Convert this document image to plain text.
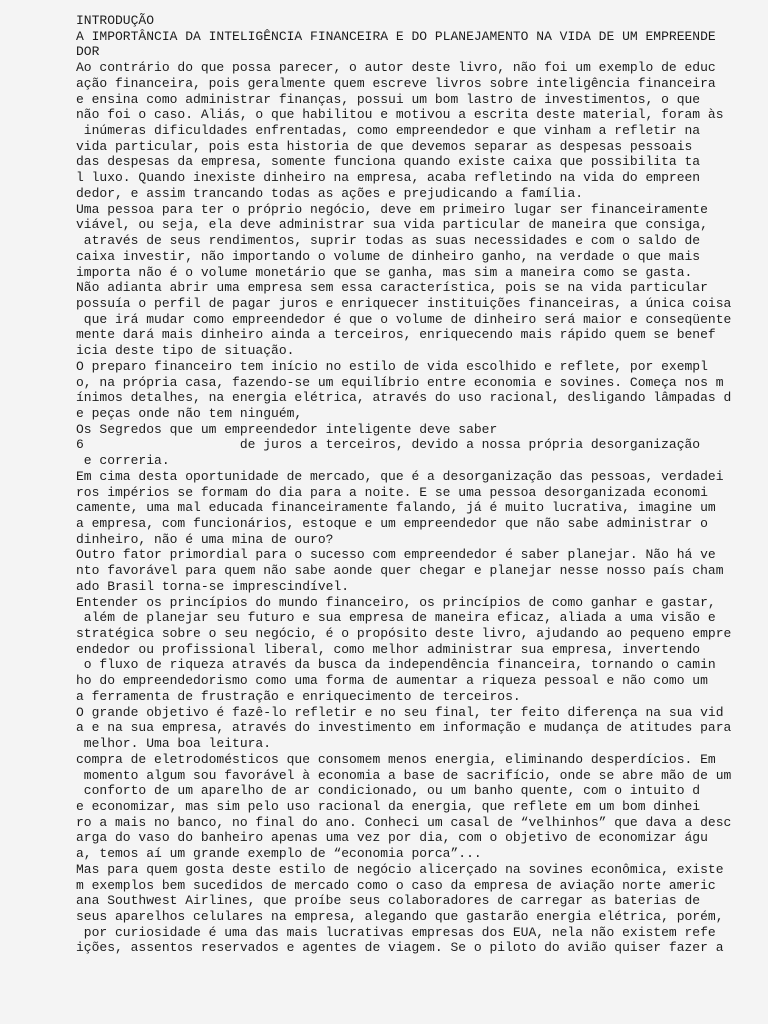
INTRODUÇÃO
A IMPORTÂNCIA DA INTELIGÊNCIA FINANCEIRA E DO PLANEJAMENTO NA VIDA DE UM EMPREENDE
DOR
Ao contrário do que possa parecer, o autor deste livro, não foi um exemplo de educ
ação financeira, pois geralmente quem escreve livros sobre inteligência financeira
e ensina como administrar finanças, possui um bom lastro de investimentos, o que
não foi o caso. Aliás, o que habilitou e motivou a escrita deste material, foram às
inúmeras dificuldades enfrentadas, como empreendedor e que vinham a refletir na
vida particular, pois esta historia de que devemos separar as despesas pessoais
das despesas da empresa, somente funciona quando existe caixa que possibilita ta
l luxo. Quando inexiste dinheiro na empresa, acaba refletindo na vida do empreen
dedor, e assim trancando todas as ações e prejudicando a família.
Uma pessoa para ter o próprio negócio, deve em primeiro lugar ser financeiramente
viável, ou seja, ela deve administrar sua vida particular de maneira que consiga,
através de seus rendimentos, suprir todas as suas necessidades e com o saldo de
caixa investir, não importando o volume de dinheiro ganho, na verdade o que mais
importa não é o volume monetário que se ganha, mas sim a maneira como se gasta.
Não adianta abrir uma empresa sem essa característica, pois se na vida particular
possuía o perfil de pagar juros e enriquecer instituições financeiras, a única coisa
que irá mudar como empreendedor é que o volume de dinheiro será maior e conseqüente
mente dará mais dinheiro ainda a terceiros, enriquecendo mais rápido quem se benef
icia deste tipo de situação.
O preparo financeiro tem início no estilo de vida escolhido e reflete, por exempl
o, na própria casa, fazendo-se um equilíbrio entre economia e sovines. Começa nos m
ínimos detalhes, na energia elétrica, através do uso racional, desligando lâmpadas d
e peças onde não tem ninguém,
Os Segredos que um empreendedor inteligente deve saber
6                    de juros a terceiros, devido a nossa própria desorganização
e correria.
Em cima desta oportunidade de mercado, que é a desorganização das pessoas, verdadei
ros impérios se formam do dia para a noite. E se uma pessoa desorganizada economi
camente, uma mal educada financeiramente falando, já é muito lucrativa, imagine um
a empresa, com funcionários, estoque e um empreendedor que não sabe administrar o
dinheiro, não é uma mina de ouro?
Outro fator primordial para o sucesso com empreendedor é saber planejar. Não há ve
nto favorável para quem não sabe aonde quer chegar e planejar nesse nosso país cham
ado Brasil torna-se imprescindível.
Entender os princípios do mundo financeiro, os princípios de como ganhar e gastar,
além de planejar seu futuro e sua empresa de maneira eficaz, aliada a uma visão e
stratégica sobre o seu negócio, é o propósito deste livro, ajudando ao pequeno empre
endedor ou profissional liberal, como melhor administrar sua empresa, invertendo
o fluxo de riqueza através da busca da independência financeira, tornando o camin
ho do empreendedorismo como uma forma de aumentar a riqueza pessoal e não como um
a ferramenta de frustração e enriquecimento de terceiros.
O grande objetivo é fazê-lo refletir e no seu final, ter feito diferença na sua vid
a e na sua empresa, através do investimento em informação e mudança de atitudes para
melhor. Uma boa leitura.
compra de eletrodomésticos que consomem menos energia, eliminando desperdícios. Em
momento algum sou favorável à economia a base de sacrifício, onde se abre mão de um
conforto de um aparelho de ar condicionado, ou um banho quente, com o intuito d
e economizar, mas sim pelo uso racional da energia, que reflete em um bom dinhei
ro a mais no banco, no final do ano. Conheci um casal de “velhinhos” que dava a desc
arga do vaso do banheiro apenas uma vez por dia, com o objetivo de economizar águ
a, temos aí um grande exemplo de “economia porca”...
Mas para quem gosta deste estilo de negócio alicerçado na sovines econômica, existe
m exemplos bem sucedidos de mercado como o caso da empresa de aviação norte americ
ana Southwest Airlines, que proíbe seus colaboradores de carregar as baterias de
seus aparelhos celulares na empresa, alegando que gastarão energia elétrica, porém,
por curiosidade é uma das mais lucrativas empresas dos EUA, nela não existem refe
ições, assentos reservados e agentes de viagem. Se o piloto do avião quiser fazer a
